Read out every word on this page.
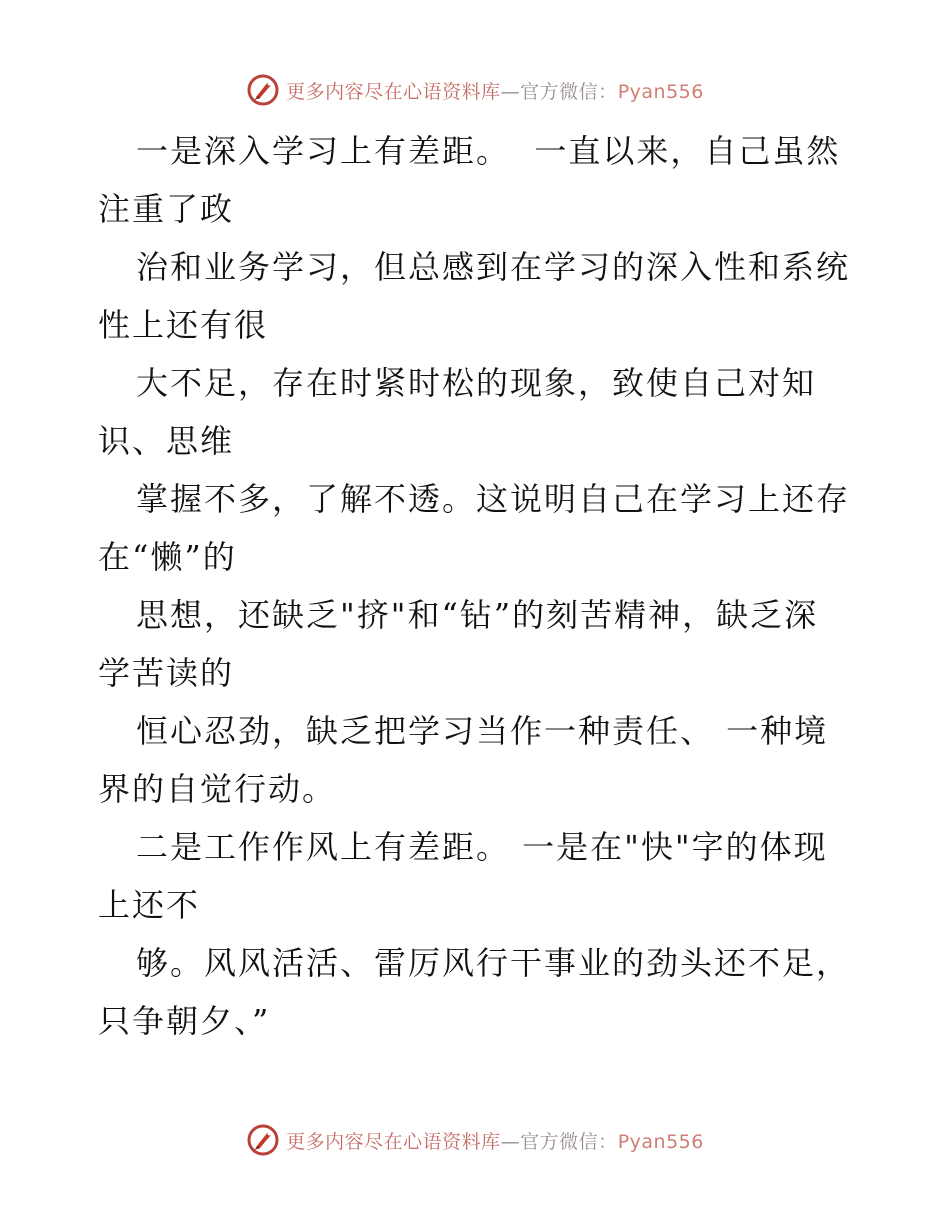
更多内容尽在心语资料库—官方微信：Pyan556
一是深入学习上有差距。  一直以来，自己虽然
注重了政
治和业务学习，但总感到在学习的深入性和系统
性上还有很
大不足，存在时紧时松的现象，致使自己对知
识、思维
掌握不多，了解不透。这说明自己在学习上还存
在“懒”的
思想，还缺乏"挤"和“钻”的刻苦精神，缺乏深
学苦读的
恒心忍劲，缺乏把学习当作一种责任、 一种境
界的自觉行动。
二是工作作风上有差距。 一是在"快"字的体现
上还不
够。风风活活、雷厉风行干事业的劲头还不足，
只争朝夕、”
更多内容尽在心语资料库—官方微信：Pyan556
